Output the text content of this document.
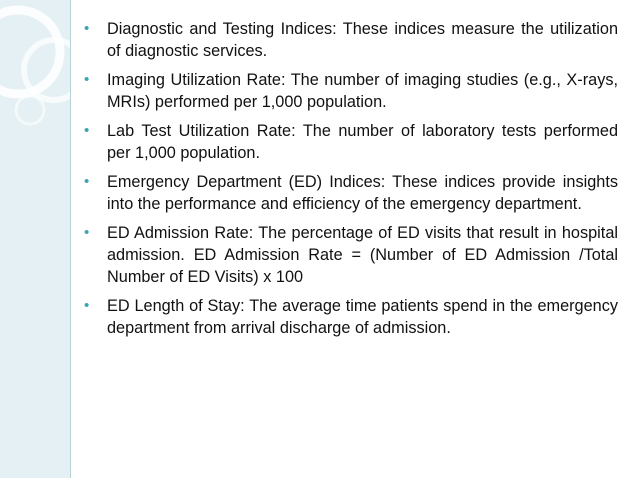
• Diagnostic and Testing Indices: These indices measure the utilization of diagnostic services.
• Imaging Utilization Rate: The number of imaging studies (e.g., X-rays, MRIs) performed per 1,000 population.
• Lab Test Utilization Rate: The number of laboratory tests performed per 1,000 population.
• Emergency Department (ED) Indices: These indices provide insights into the performance and efficiency of the emergency department.
• ED Admission Rate: The percentage of ED visits that result in hospital admission. ED Admission Rate = (Number of ED Admission /Total Number of ED Visits) x 100
• ED Length of Stay: The average time patients spend in the emergency department from arrival discharge of admission.
